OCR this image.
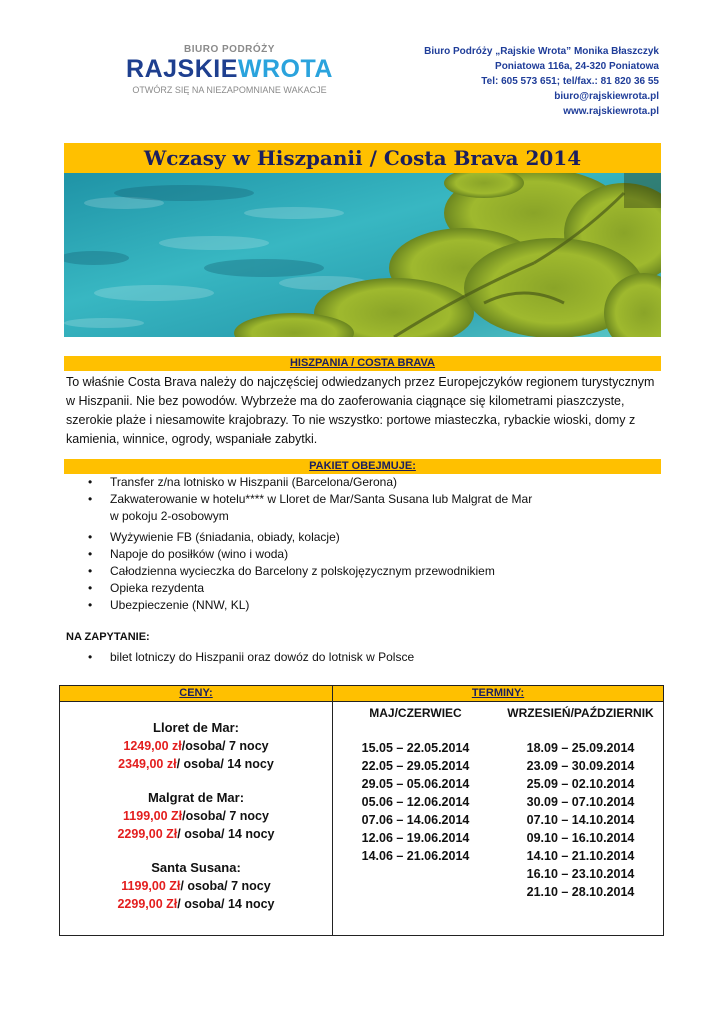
BIURO PODRÓŻY
RAJSKIEWROTA
OTWÓRZ SIĘ NA NIEZAPOMNIANE WAKACJE
Biuro Podróży „Rajskie Wrota” Monika Błaszczyk
Poniatowa 116a, 24-320 Poniatowa
Tel: 605 573 651; tel/fax.: 81 820 36 55
biuro@rajskiewrota.pl
www.rajskiewrota.pl
Wczasy w Hiszpanii / Costa Brava 2014
HISZPANIA / COSTA BRAVA
To właśnie Costa Brava należy do najczęściej odwiedzanych przez Europejczyków regionem turystycznym w Hiszpanii. Nie bez powodów. Wybrzeże ma do zaoferowania ciągnące się kilometrami piaszczyste, szerokie plaże i niesamowite krajobrazy. To nie wszystko: portowe miasteczka, rybackie wioski, domy z kamienia, winnice, ogrody, wspaniałe zabytki.
PAKIET OBEJMUJE:
• Transfer z/na lotnisko w Hiszpanii (Barcelona/Gerona)
• Zakwaterowanie w hotelu**** w Lloret de Mar/Santa Susana lub Malgrat de Mar
w pokoju 2-osobowym
• Wyżywienie FB (śniadania, obiady, kolacje)
• Napoje do posiłków (wino i woda)
• Całodzienna wycieczka do Barcelony z polskojęzycznym przewodnikiem
• Opieka rezydenta
• Ubezpieczenie (NNW, KL)
NA ZAPYTANIE:
• bilet lotniczy do Hiszpanii oraz dowóz do lotnisk w Polsce
CENY:	TERMINY:
Lloret de Mar:
1249,00 zł/osoba/ 7 nocy
2349,00 zł/ osoba/ 14 nocy
Malgrat de Mar:
1199,00 Zł/osoba/ 7 nocy
2299,00 Zł/ osoba/ 14 nocy
Santa Susana:
1199,00 Zł/ osoba/ 7 nocy
2299,00 Zł/ osoba/ 14 nocy
MAJ/CZERWIEC
15.05 – 22.05.2014
22.05 – 29.05.2014
29.05 – 05.06.2014
05.06 – 12.06.2014
07.06 – 14.06.2014
12.06 – 19.06.2014
14.06 – 21.06.2014
WRZESIEŃ/PAŹDZIERNIK
18.09 – 25.09.2014
23.09 – 30.09.2014
25.09 – 02.10.2014
30.09 – 07.10.2014
07.10 – 14.10.2014
09.10 – 16.10.2014
14.10 – 21.10.2014
16.10 – 23.10.2014
21.10 – 28.10.2014
